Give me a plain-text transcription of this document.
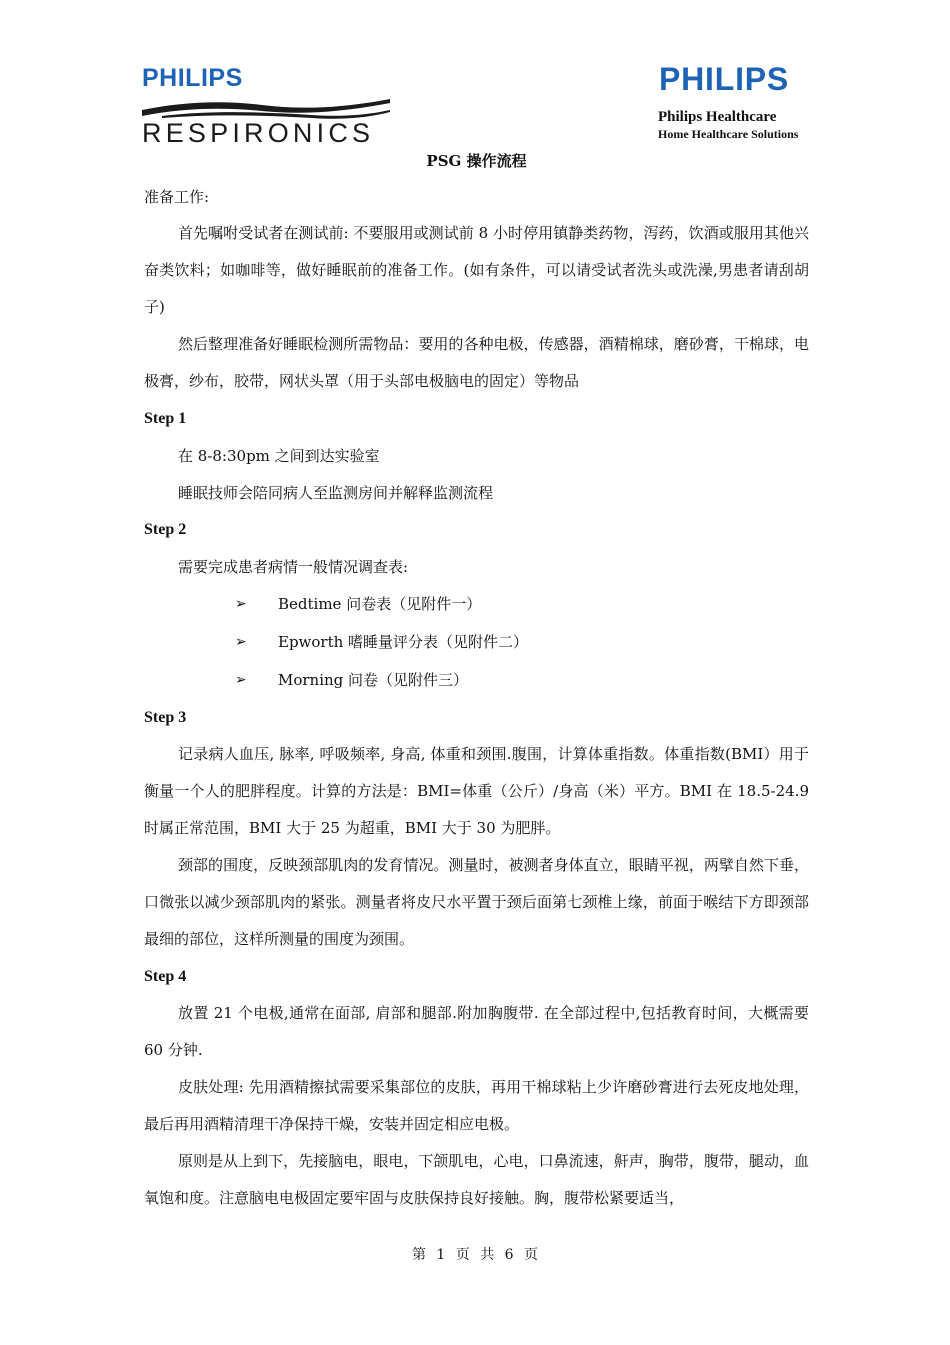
PHILIPS
RESPIRONICS
PHILIPS
Philips Healthcare
Home Healthcare Solutions
PSG 操作流程
准备工作:

首先嘱咐受试者在测试前: 不要服用或测试前 8 小时停用镇静类药物，泻药，饮酒或服用其他兴奋类饮料；如咖啡等，做好睡眠前的准备工作。(如有条件，可以请受试者洗头或洗澡,男患者请刮胡子)

然后整理准备好睡眠检测所需物品：要用的各种电极，传感器，酒精棉球，磨砂膏，干棉球，电极膏，纱布，胶带，网状头罩（用于头部电极脑电的固定）等物品

Step 1

在 8-8:30pm 之间到达实验室

睡眠技师会陪同病人至监测房间并解释监测流程

Step 2

需要完成患者病情一般情况调查表:

➢ Bedtime 问卷表（见附件一）
➢ Epworth 嗜睡量评分表（见附件二）
➢ Morning 问卷（见附件三）
Step 3

记录病人血压, 脉率, 呼吸频率, 身高, 体重和颈围.腹围，计算体重指数。体重指数(BMI）用于衡量一个人的肥胖程度。计算的方法是：BMI=体重（公斤）/身高（米）平方。BMI 在 18.5-24.9 时属正常范围，BMI 大于 25 为超重，BMI 大于 30 为肥胖。

颈部的围度，反映颈部肌肉的发育情况。测量时，被测者身体直立，眼睛平视，两擘自然下垂，口微张以减少颈部肌肉的紧张。测量者将皮尺水平置于颈后面第七颈椎上缘，前面于喉结下方即颈部最细的部位，这样所测量的围度为颈围。

Step 4

放置 21 个电极,通常在面部, 肩部和腿部.附加胸腹带. 在全部过程中,包括教育时间，大概需要 60 分钟.

皮肤处理: 先用酒精擦拭需要采集部位的皮肤，再用干棉球粘上少许磨砂膏进行去死皮地处理，最后再用酒精清理干净保持干燥，安装并固定相应电极。

原则是从上到下，先接脑电，眼电，下颌肌电，心电，口鼻流速，鼾声，胸带，腹带，腿动，血氧饱和度。注意脑电电极固定要牢固与皮肤保持良好接触。胸，腹带松紧要适当，

第 1 页 共 6 页
